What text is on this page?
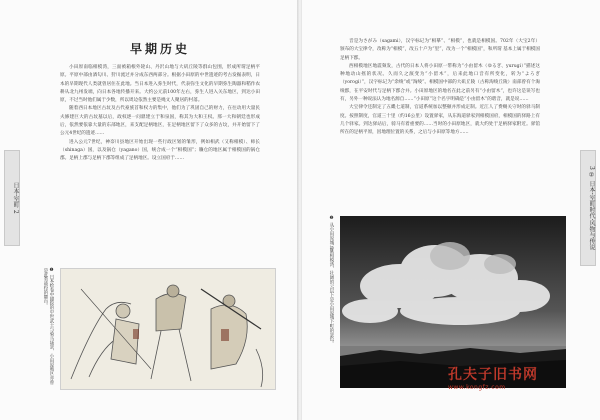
日本·室町 2
早期历史

小田原南临相模湾，三面被箱根外轮山、丹沢山地与大矶丘陵等群山包围，形成所谓足柄平原。平原中部由酒匂川、狩川流过并分成东西两部分。根据小田原的中世遗迹的考古发掘表明，日本的早期现代人类就曾居住在此地。当日本进入弥生时代，代表弥生文化的早期弥生陶器和稻作农耕从北九州发端，向日本各地传播开来。大约公元前100年左右，弥生人进入关东地区，到达小田原，不过当时他们属于少数，所以周边依然主要是绳文人聚居的村落。

随着西日本地区古坟及古代豪族首和权力的集中，他们为了巩固自己的财力，在往动用大量民夫修建巨大的古坟墓以后，政权逐一问鼎建立于和泉国，称其为大和王权。那一大和朝廷也形成后，依然要依靠大量的东部地区，来支配足柄地区，在足柄地区留下了众多的古坟，并开始留下了公元4世纪的遗迹……

进入公元7世纪，神奈川县地区开始出现一些行政区划的雏形，例如相武（又称相模）、师长（shinaga）国，以及锅仓（yagano）国，统合成一个“相模国”；镰仓的地区属于相模国的锅仓郡。足柄上郡与足柄下郡等组成了足柄地区。设立国府于……

❶ 日本绘卷中描绘的中世武士与骑马场景，小田原地区亦曾是此类战役的舞台。
3 ② 日本·室町时代·风物与传说

音是为さがみ（sagami），汉字标记为“相摹”、“相模”，也就是相模国。702年（大宝2年）颁布的大宝律令，改称为“相模”，改五十户为“里”，改为一个“相模国”，和所谓 基本上属于相模国足柄下郡。

西相模地区地震频发，古代的日本人将小田原一带称为“小由留木（ゆるぎ、yurugi）”描述这种地动山摇的状况。久而久之演变为“小留木”，后来此地口音有所变化，转为“よろぎ（yorogi）”，汉字标记为“余绫”或“淘绫”。相模国中部的大矶丘陵（古称淘绫丘陵）南部曾有个淘绫郡，在平安时代与足柄下郡合并。小田原地区的地名在此之前另有“小由留木”，也许这是误写也有，另外一种说法认为地名源自……“小田原”这个名字明确是“小由留木”的谐音，就是说……

大宝律令还制定了五畿七道制，官道系统加以整顿并形成定制。近江人了费赐关守时的驿马制度。按照制度，官道三十里（约16公里）设置驿家，从东海道驿家到相模国府，相模国的驿路上有几个驿家。到达驿站后，骑马有着重要的……当时的小田原地区，就大约处于足柄驿家附近。驿馆所在的足柄平原，因地理位置的关系，之后与小田原等地方……

❷ 从小田原城远眺相模湾，壮阔的云层下是小田原城下町的景色。
孔夫子旧书网
www.kongfz.com
